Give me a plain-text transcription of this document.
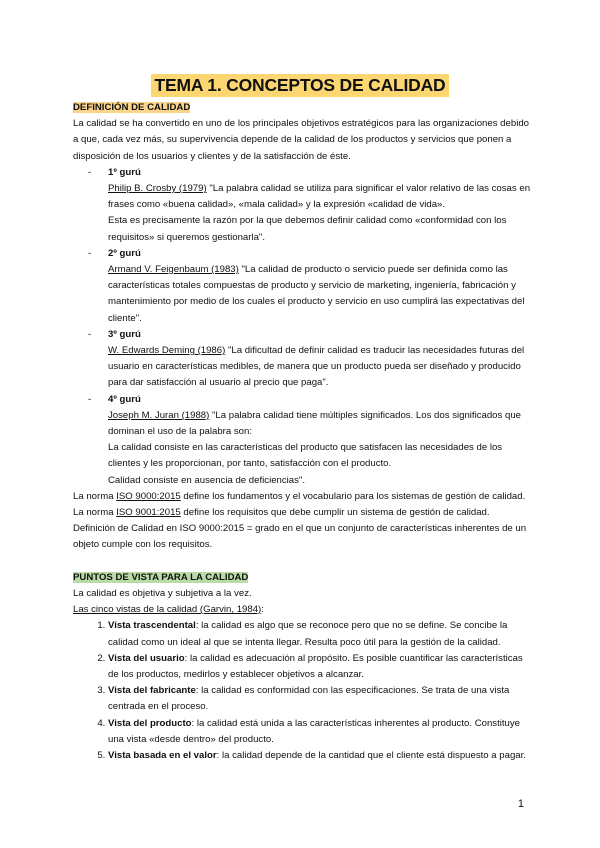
TEMA 1. CONCEPTOS DE CALIDAD

DEFINICIÓN DE CALIDAD

La calidad se ha convertido en uno de los principales objetivos estratégicos para las organizaciones debido a que, cada vez más, su supervivencia depende de la calidad de los productos y servicios que ponen a disposición de los usuarios y clientes y de la satisfacción de éste.

- 1º gurú
Philip B. Crosby (1979) "La palabra calidad se utiliza para significar el valor relativo de las cosas en frases como «buena calidad», «mala calidad» y la expresión «calidad de vida».
Esta es precisamente la razón por la que debemos definir calidad como «conformidad con los requisitos» si queremos gestionarla".
- 2º gurú
Armand V. Feigenbaum (1983) "La calidad de producto o servicio puede ser definida como las características totales compuestas de producto y servicio de marketing, ingeniería, fabricación y mantenimiento por medio de los cuales el producto y servicio en uso cumplirá las expectativas del cliente".
- 3º gurú
W. Edwards Deming (1986) "La dificultad de definir calidad es traducir las necesidades futuras del usuario en características medibles, de manera que un producto pueda ser diseñado y producido para dar satisfacción al usuario al precio que paga".
- 4º gurú
Joseph M. Juran (1988) "La palabra calidad tiene múltiples significados. Los dos significados que dominan el uso de la palabra son:
La calidad consiste en las características del producto que satisfacen las necesidades de los clientes y les proporcionan, por tanto, satisfacción con el producto.
Calidad consiste en ausencia de deficiencias".

La norma ISO 9000:2015 define los fundamentos y el vocabulario para los sistemas de gestión de calidad.

La norma ISO 9001:2015 define los requisitos que debe cumplir un sistema de gestión de calidad.

Definición de Calidad en ISO 9000:2015 = grado en el que un conjunto de características inherentes de un objeto cumple con los requisitos.

PUNTOS DE VISTA PARA LA CALIDAD

La calidad es objetiva y subjetiva a la vez.

Las cinco vistas de la calidad (Garvin, 1984):

1. Vista trascendental: la calidad es algo que se reconoce pero que no se define. Se concibe la calidad como un ideal al que se intenta llegar. Resulta poco útil para la gestión de la calidad.
2. Vista del usuario: la calidad es adecuación al propósito. Es posible cuantificar las características de los productos, medirlos y establecer objetivos a alcanzar.
3. Vista del fabricante: la calidad es conformidad con las especificaciones. Se trata de una vista centrada en el proceso.
4. Vista del producto: la calidad está unida a las características inherentes al producto. Constituye una vista «desde dentro» del producto.
5. Vista basada en el valor: la calidad depende de la cantidad que el cliente está dispuesto a pagar.
1
